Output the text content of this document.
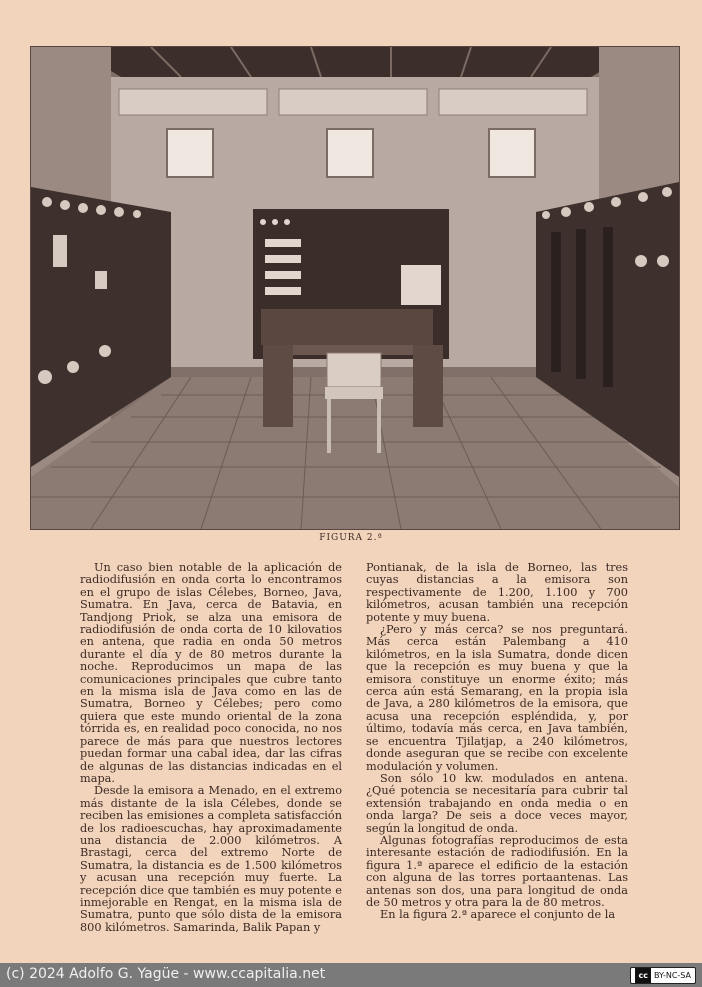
FIGURA 2.ª

Un caso bien notable de la aplicación de radiodifusión en onda corta lo encontramos en el grupo de islas Célebes, Borneo, Java, Sumatra. En Java, cerca de Batavia, en Tandjong Priok, se alza una emisora de radiodifusión de onda corta de 10 kilovatios en antena, que radia en onda 50 metros durante el día y de 80 metros durante la noche. Reproducimos un mapa de las comunicaciones principales que cubre tanto en la misma isla de Java como en las de Sumatra, Borneo y Célebes; pero como quiera que este mundo oriental de la zona tórrida es, en realidad poco conocida, no nos parece de más para que nuestros lectores puedan formar una cabal idea, dar las cifras de algunas de las distancias indicadas en el mapa.

Desde la emisora a Menado, en el extremo más distante de la isla Célebes, donde se reciben las emisiones a completa satisfacción de los radioescuchas, hay aproximadamente una distancia de 2.000 kilómetros. A Brastagi, cerca del extremo Norte de Sumatra, la distancia es de 1.500 kilómetros y acusan una recepción muy fuerte. La recepción dice que también es muy potente e inmejorable en Rengat, en la misma isla de Sumatra, punto que sólo dista de la emisora 800 kilómetros. Samarinda, Balik Papan y

Pontianak, de la isla de Borneo, las tres cuyas distancias a la emisora son respectivamente de 1.200, 1.100 y 700 kilómetros, acusan también una recepción potente y muy buena.

¿Pero y más cerca? se nos preguntará. Más cerca están Palembang a 410 kilómetros, en la isla Sumatra, donde dicen que la recepción es muy buena y que la emisora constituye un enorme éxito; más cerca aún está Semarang, en la propia isla de Java, a 280 kilómetros de la emisora, que acusa una recepción espléndida, y, por último, todavía más cerca, en Java también, se encuentra Tjilatjap, a 240 kilómetros, donde aseguran que se recibe con excelente modulación y volumen.

Son sólo 10 kw. modulados en antena. ¿Qué potencia se necesitaría para cubrir tal extensión trabajando en onda media o en onda larga? De seis a doce veces mayor, según la longitud de onda.

Algunas fotografías reproducimos de esta interesante estación de radiodifusión. En la figura 1.ª aparece el edificio de la estación con alguna de las torres portaantenas. Las antenas son dos, una para longitud de onda de 50 metros y otra para la de 80 metros.

En la figura 2.ª aparece el conjunto de la

(c) 2024 Adolfo G. Yagüe - www.ccapitalia.net	cc BY-NC-SA
